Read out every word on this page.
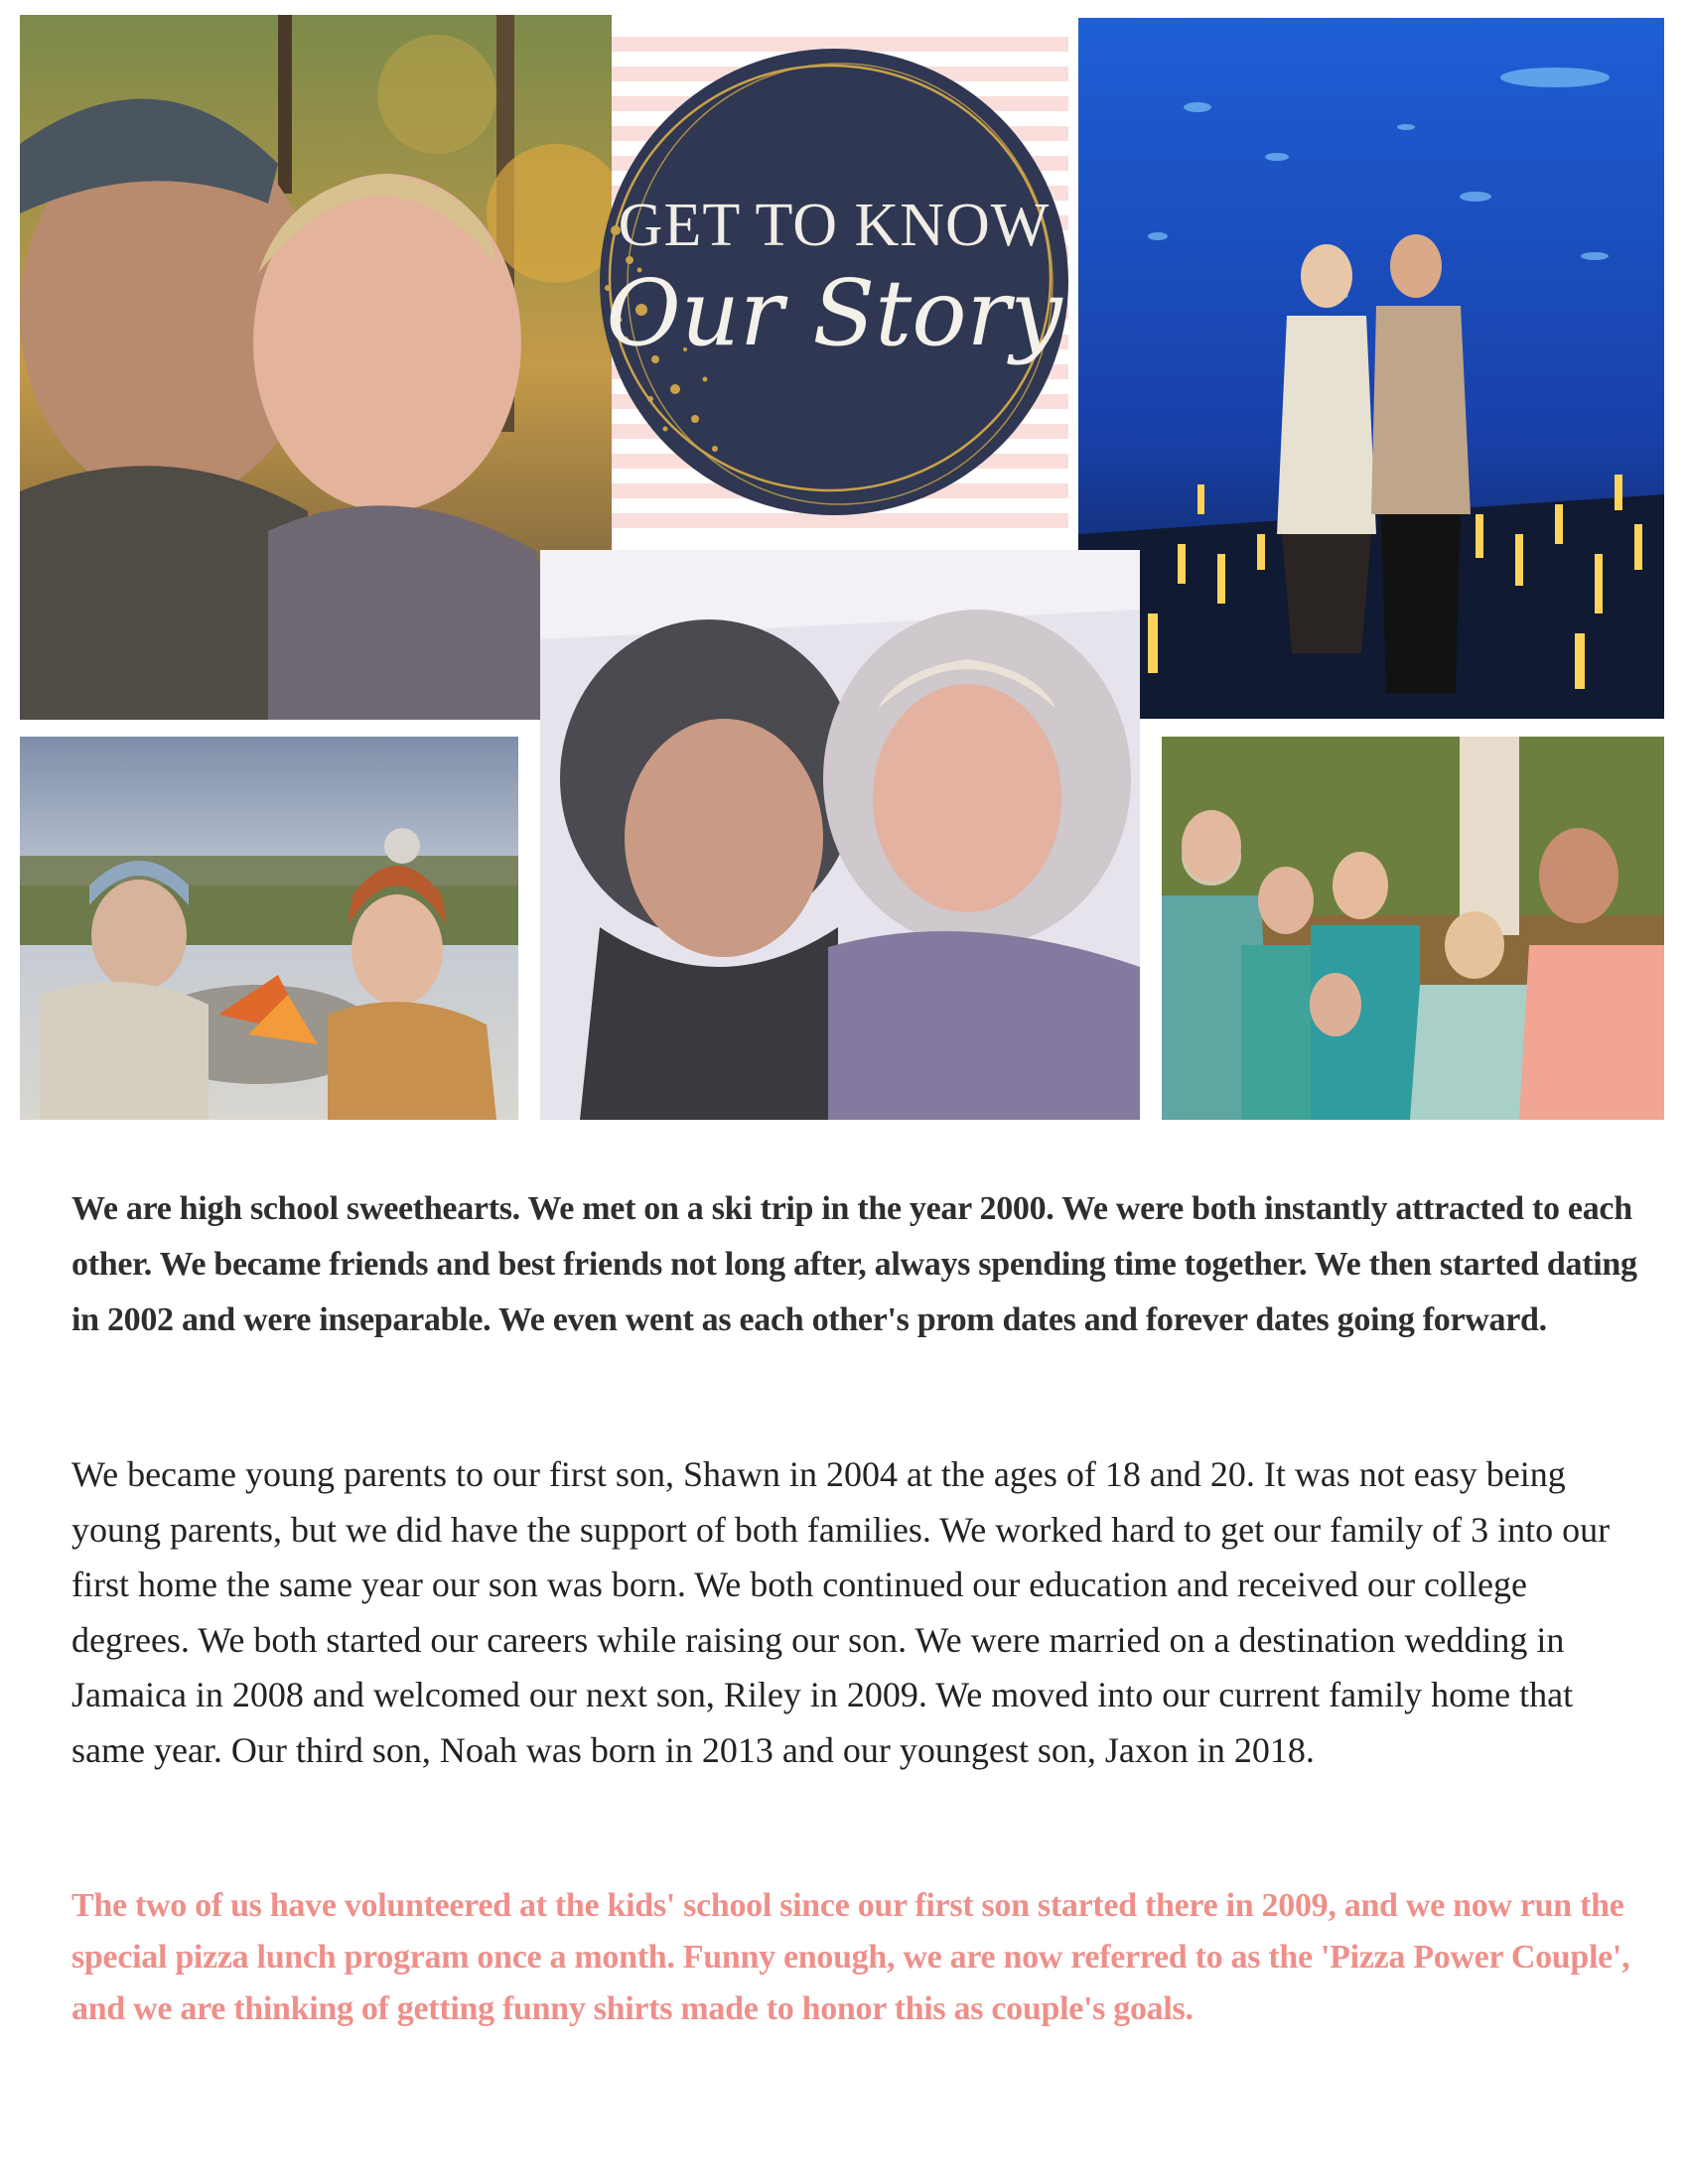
GET TO KNOW
Our Story
We are high school sweethearts. We met on a ski trip in the year 2000. We were both instantly attracted to each other. We became friends and best friends not long after, always spending time together. We then started dating in 2002 and were inseparable. We even went as each other's prom dates and forever dates going forward.
We became young parents to our first son, Shawn in 2004 at the ages of 18 and 20. It was not easy being young parents, but we did have the support of both families. We worked hard to get our family of 3 into our first home the same year our son was born. We both continued our education and received our college degrees. We both started our careers while raising our son. We were married on a destination wedding in Jamaica in 2008 and welcomed our next son, Riley in 2009. We moved into our current family home that same year. Our third son, Noah was born in 2013 and our youngest son, Jaxon in 2018.
The two of us have volunteered at the kids' school since our first son started there in 2009, and we now run the special pizza lunch program once a month. Funny enough, we are now referred to as the 'Pizza Power Couple', and we are thinking of getting funny shirts made to honor this as couple's goals.
